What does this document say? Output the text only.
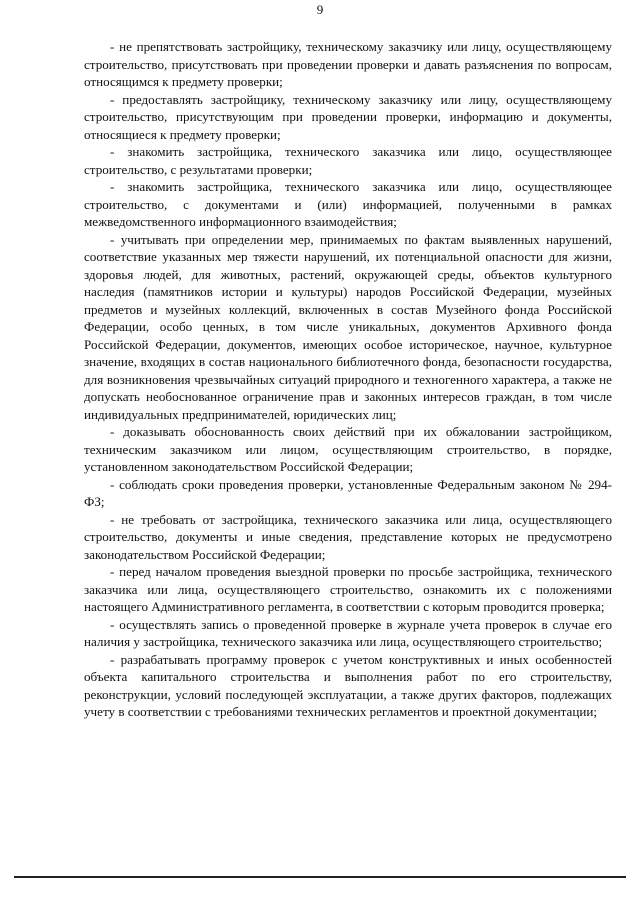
9

- не препятствовать застройщику, техническому заказчику или лицу, осуществляющему строительство, присутствовать при проведении проверки и давать разъяснения по вопросам, относящимся к предмету проверки;

- предоставлять застройщику, техническому заказчику или лицу, осуществляющему строительство, присутствующим при проведении проверки, информацию и документы, относящиеся к предмету проверки;

- знакомить застройщика, технического заказчика или лицо, осуществляющее строительство, с результатами проверки;

- знакомить застройщика, технического заказчика или лицо, осуществляющее строительство, с документами и (или) информацией, полученными в рамках межведомственного информационного взаимодействия;

- учитывать при определении мер, принимаемых по фактам выявленных нарушений, соответствие указанных мер тяжести нарушений, их потенциальной опасности для жизни, здоровья людей, для животных, растений, окружающей среды, объектов культурного наследия (памятников истории и культуры) народов Российской Федерации, музейных предметов и музейных коллекций, включенных в состав Музейного фонда Российской Федерации, особо ценных, в том числе уникальных, документов Архивного фонда Российской Федерации, документов, имеющих особое историческое, научное, культурное значение, входящих в состав национального библиотечного фонда, безопасности государства, для возникновения чрезвычайных ситуаций природного и техногенного характера, а также не допускать необоснованное ограничение прав и законных интересов граждан, в том числе индивидуальных предпринимателей, юридических лиц;

- доказывать обоснованность своих действий при их обжаловании застройщиком, техническим заказчиком или лицом, осуществляющим строительство, в порядке, установленном законодательством Российской Федерации;

- соблюдать сроки проведения проверки, установленные Федеральным законом № 294-ФЗ;

- не требовать от застройщика, технического заказчика или лица, осуществляющего строительство, документы и иные сведения, представление которых не предусмотрено законодательством Российской Федерации;

- перед началом проведения выездной проверки по просьбе застройщика, технического заказчика или лица, осуществляющего строительство, ознакомить их с положениями настоящего Административного регламента, в соответствии с которым проводится проверка;

- осуществлять запись о проведенной проверке в журнале учета проверок в случае его наличия у застройщика, технического заказчика или лица, осуществляющего строительство;

- разрабатывать программу проверок с учетом конструктивных и иных особенностей объекта капитального строительства и выполнения работ по его строительству, реконструкции, условий последующей эксплуатации, а также других факторов, подлежащих учету в соответствии с требованиями технических регламентов и проектной документации;
